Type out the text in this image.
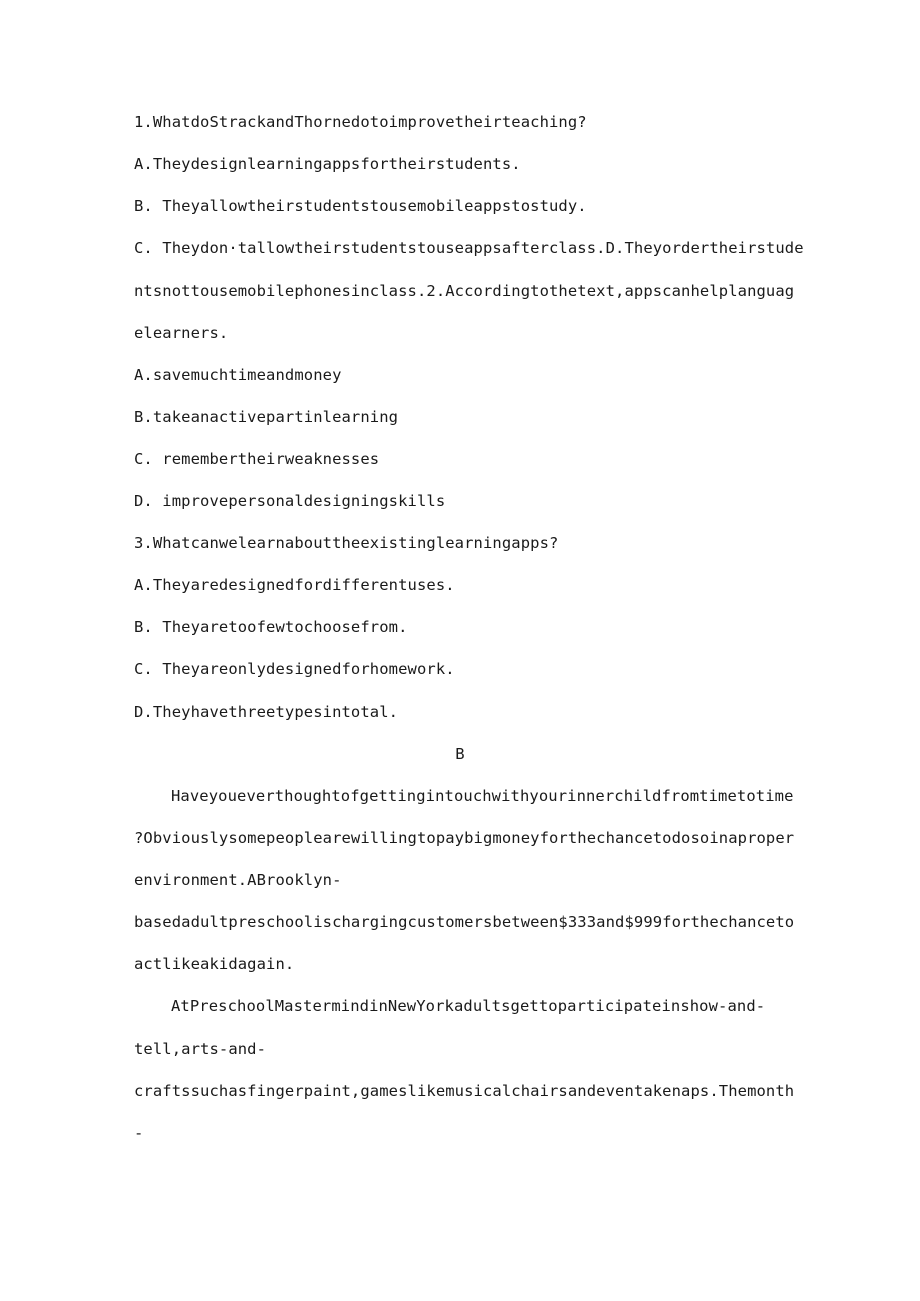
1.WhatdoStrackandThornedotoimprovetheirteaching?
A.Theydesignlearningappsfortheirstudents.
B. Theyallowtheirstudentstousemobileappstostudy.
C. Theydon·tallowtheirstudentstouseappsafterclass.D.Theyordertheirstude
ntsnottousemobilephonesinclass.2.Accordingtothetext,appscanhelplanguag
elearners.
A.savemuchtimeandmoney
B.takeanactivepartinlearning
C. remembertheirweaknesses
D. improvepersonaldesigningskills
3.Whatcanwelearnabouttheexistinglearningapps?
A.Theyaredesignedfordifferentuses.
B. Theyaretoofewtochoosefrom.
C. Theyareonlydesignedforhomework.
D.Theyhavethreetypesintotal.
B
Haveyoueverthoughtofgettingintouchwithyourinnerchildfromtimetotime
?Obviouslysomepeoplearewillingtopaybigmoneyforthechancetodosoinaproper
environment.ABrooklyn-
basedadultpreschoolischargingcustomersbetween$333and$999forthechanceto
actlikeakidagain.
AtPreschoolMastermindinNewYorkadultsgettoparticipateinshow-and-
tell,arts-and-
craftssuchasfingerpaint,gameslikemusicalchairsandeventakenaps.Themonth
-
